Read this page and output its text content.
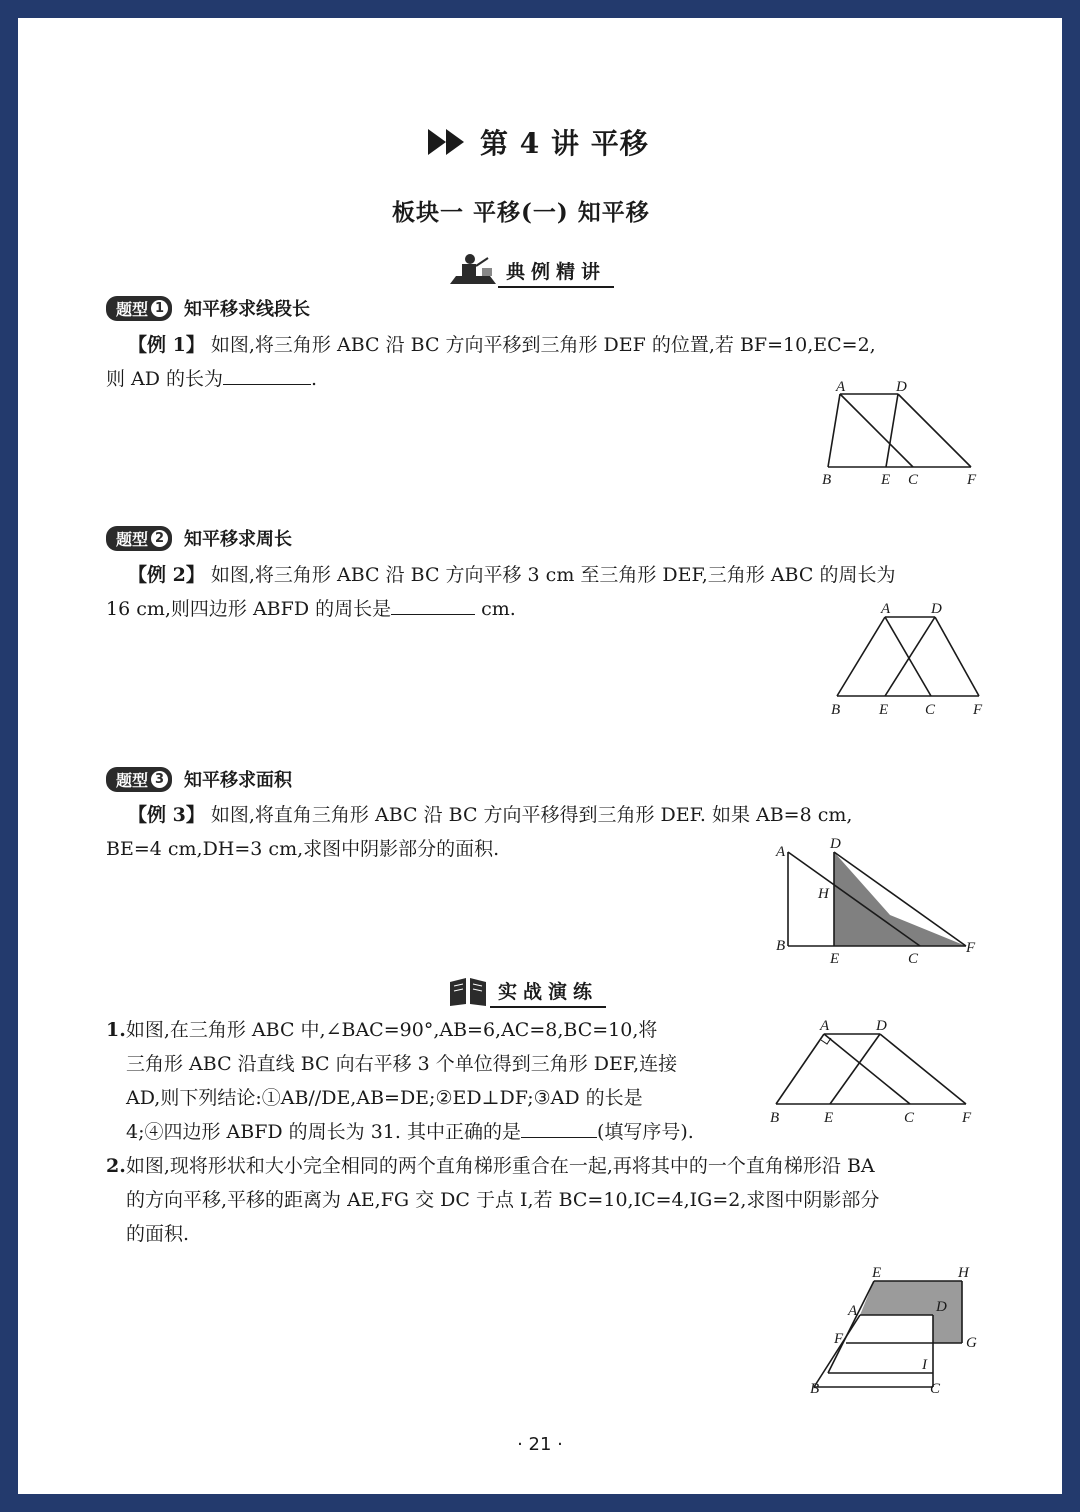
第 4 讲 平移
板块一 平移(一) 知平移
典例精讲
题型 1 知平移求线段长
【例 1】 如图,将三角形 ABC 沿 BC 方向平移到三角形 DEF 的位置,若 BF=10,EC=2,
则 AD 的长为	.	A	D
B	E C	F
题型 2 知平移求周长
【例 2】 如图,将三角形 ABC 沿 BC 方向平移 3 cm 至三角形 DEF,三角形 ABC 的周长为
16 cm,则四边形 ABFD 的周长是	cm.	A	D
B	E C	F
题型 3 知平移求面积
【例 3】 如图,将直角三角形 ABC 沿 BC 方向平移得到三角形 DEF. 如果 AB=8 cm,
BE=4 cm,DH=3 cm,求图中阴影部分的面积.	A	D
H
B
E	C
F
实战演练
1.如图,在三角形 ABC 中,∠BAC=90°,AB=6,AC=8,BC=10,将
三角形 ABC 沿直线 BC 向右平移 3 个单位得到三角形 DEF,连接
AD,则下列结论:①AB//DE,AB=DE;②ED⊥DF;③AD 的长是
4;④四边形 ABFD 的周长为 31. 其中正确的是	(填写序号).
A	D
B	E	C	F
2.如图,现将形状和大小完全相同的两个直角梯形重合在一起,再将其中的一个直角梯形沿 BA
的方向平移,平移的距离为 AE,FG 交 DC 于点 I,若 BC=10,IC=4,IG=2,求图中阴影部分
的面积.
E	H
A	D
F	G
I
B	C
· 21 ·
